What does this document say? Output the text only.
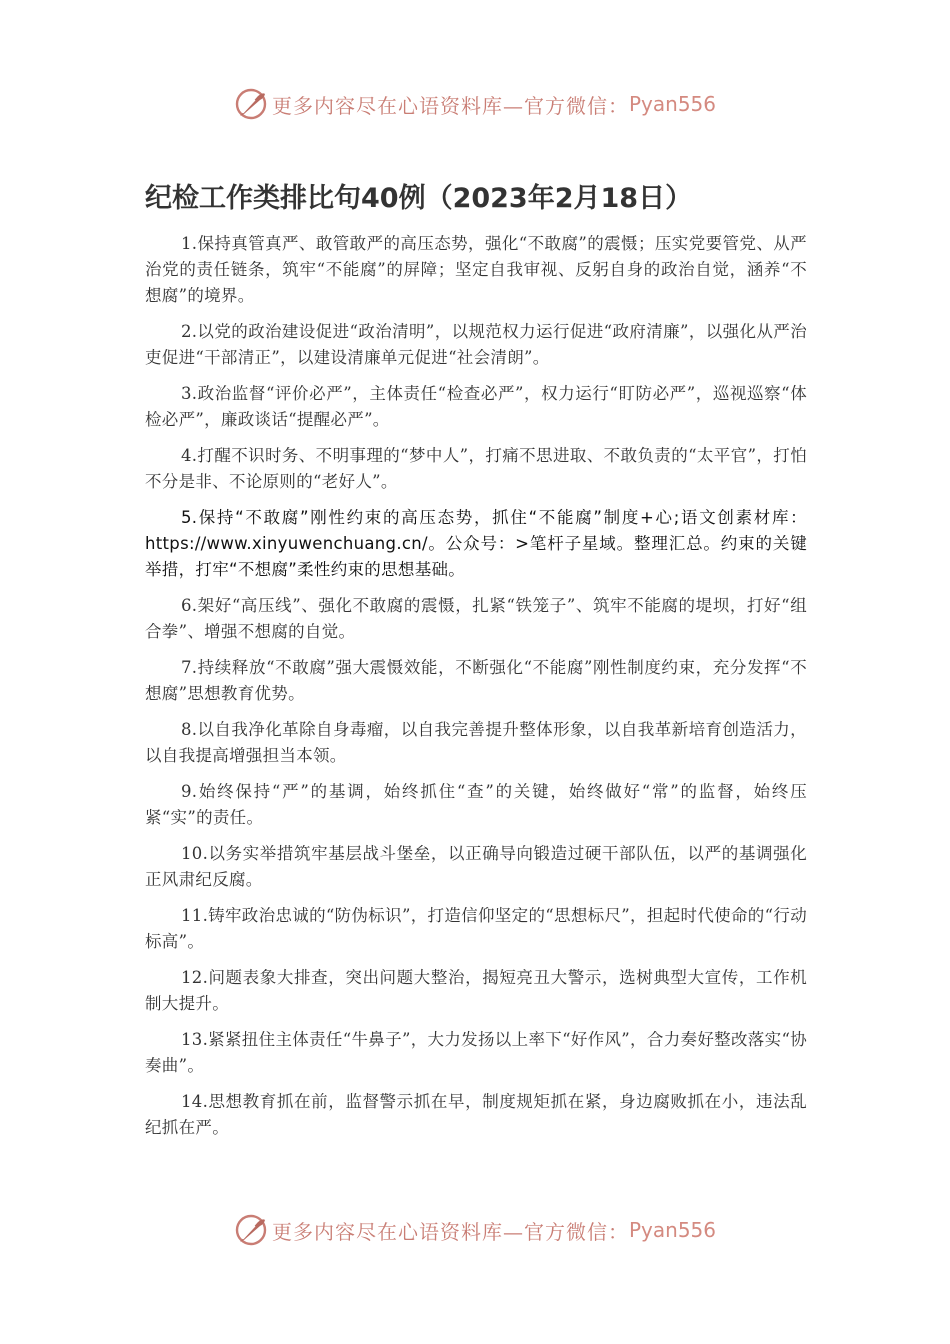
更多内容尽在心语资料库—官方微信： Pyan556
纪检工作类排比句40例（2023年2月18日）

1.保持真管真严、敢管敢严的高压态势，强化“不敢腐”的震慑；压实党要管党、从严治党的责任链条，筑牢“不能腐”的屏障；坚定自我审视、反躬自身的政治自觉，涵养“不想腐”的境界。

2.以党的政治建设促进“政治清明”，以规范权力运行促进“政府清廉”，以强化从严治吏促进“干部清正”，以建设清廉单元促进“社会清朗”。

3.政治监督“评价必严”，主体责任“检查必严”，权力运行“盯防必严”，巡视巡察“体检必严”，廉政谈话“提醒必严”。

4.打醒不识时务、不明事理的“梦中人”，打痛不思进取、不敢负责的“太平官”，打怕不分是非、不论原则的“老好人”。

5.保持“不敢腐”刚性约束的高压态势，抓住“不能腐”制度+心;语文创素材库：https://www.xinyuwenchuang.cn/。公众号：>笔杆子星域。整理汇总。约束的关键举措，打牢“不想腐”柔性约束的思想基础。

6.架好“高压线”、强化不敢腐的震慑，扎紧“铁笼子”、筑牢不能腐的堤坝，打好“组合拳”、增强不想腐的自觉。

7.持续释放“不敢腐”强大震慑效能，不断强化“不能腐”刚性制度约束，充分发挥“不想腐”思想教育优势。

8.以自我净化革除自身毒瘤，以自我完善提升整体形象，以自我革新培育创造活力，以自我提高增强担当本领。

9.始终保持“严”的基调，始终抓住“查”的关键，始终做好“常”的监督，始终压紧“实”的责任。

10.以务实举措筑牢基层战斗堡垒，以正确导向锻造过硬干部队伍，以严的基调强化正风肃纪反腐。

11.铸牢政治忠诚的“防伪标识”，打造信仰坚定的“思想标尺”，担起时代使命的“行动标高”。

12.问题表象大排查，突出问题大整治，揭短亮丑大警示，选树典型大宣传，工作机制大提升。

13.紧紧扭住主体责任“牛鼻子”，大力发扬以上率下“好作风”，合力奏好整改落实“协奏曲”。

14.思想教育抓在前，监督警示抓在早，制度规矩抓在紧，身边腐败抓在小，违法乱纪抓在严。

更多内容尽在心语资料库—官方微信： Pyan556
